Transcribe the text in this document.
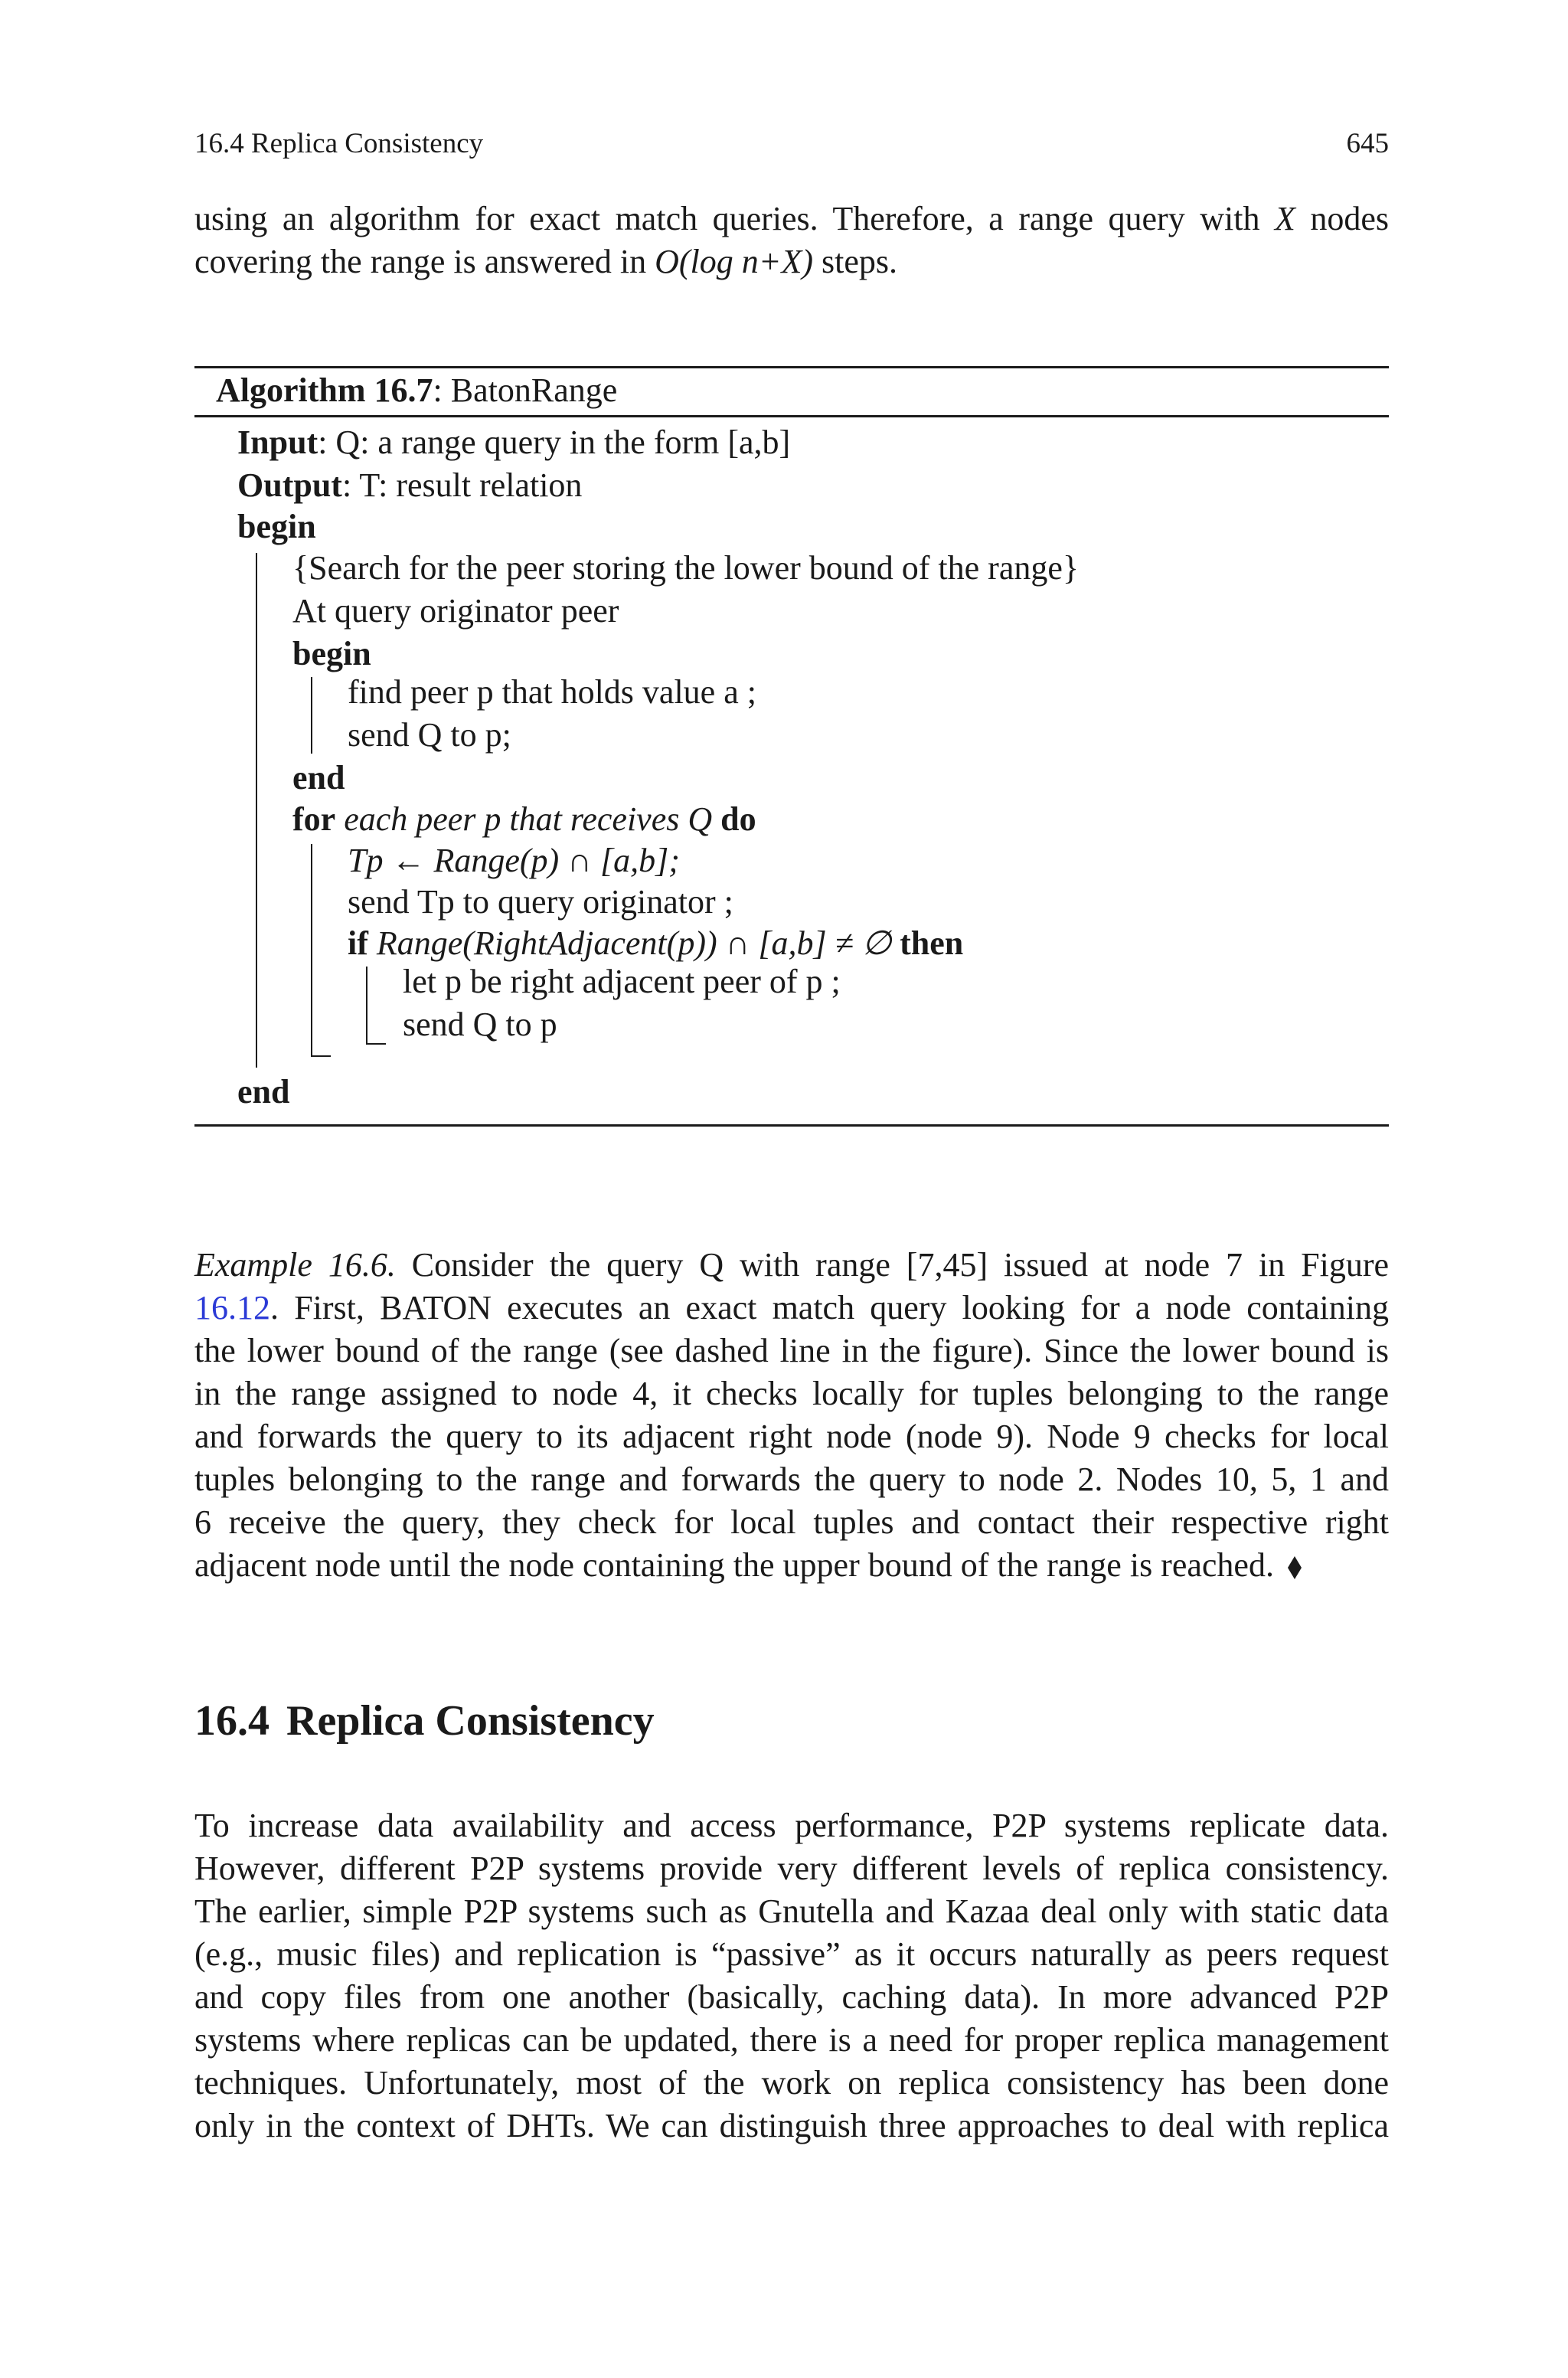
16.4 Replica Consistency	645
using an algorithm for exact match queries. Therefore, a range query with X nodes
covering the range is answered in O(log n+X) steps.
Algorithm 16.7: BatonRange
Input: Q: a range query in the form [a,b]
Output: T: result relation
begin
{Search for the peer storing the lower bound of the range}
At query originator peer
begin
find peer p that holds value a ;
send Q to p;
end
for each peer p that receives Q do
Tp ← Range(p) ∩ [a,b];
send Tp to query originator ;
if Range(RightAdjacent(p)) ∩ [a,b] ≠ ∅ then
let p be right adjacent peer of p ;
send Q to p
end
Example 16.6. Consider the query Q with range [7,45] issued at node 7 in Figure
16.12. First, BATON executes an exact match query looking for a node containing
the lower bound of the range (see dashed line in the figure). Since the lower bound is
in the range assigned to node 4, it checks locally for tuples belonging to the range
and forwards the query to its adjacent right node (node 9). Node 9 checks for local
tuples belonging to the range and forwards the query to node 2. Nodes 10, 5, 1 and
6 receive the query, they check for local tuples and contact their respective right
adjacent node until the node containing the upper bound of the range is reached.
16.4 Replica Consistency
To increase data availability and access performance, P2P systems replicate data.
However, different P2P systems provide very different levels of replica consistency.
The earlier, simple P2P systems such as Gnutella and Kazaa deal only with static data
(e.g., music files) and replication is “passive” as it occurs naturally as peers request
and copy files from one another (basically, caching data). In more advanced P2P
systems where replicas can be updated, there is a need for proper replica management
techniques. Unfortunately, most of the work on replica consistency has been done
only in the context of DHTs. We can distinguish three approaches to deal with replica
